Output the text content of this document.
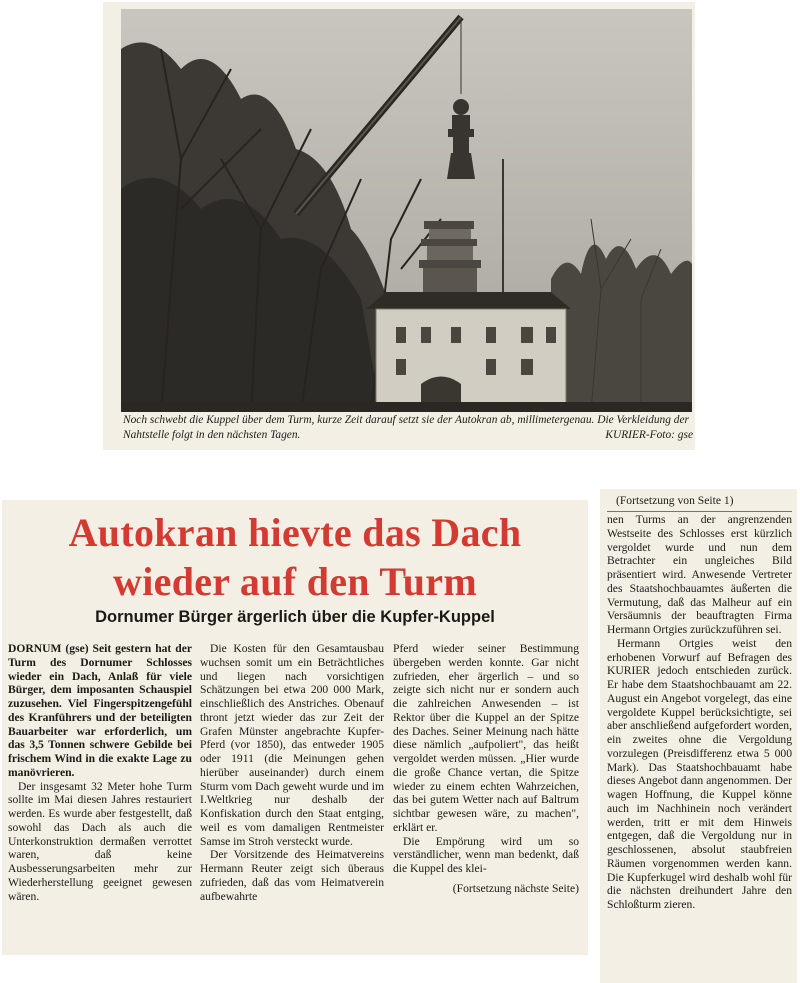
Noch schwebt die Kuppel über dem Turm, kurze Zeit darauf setzt sie der Autokran ab, millimetergenau. Die Verkleidung der Nahtstelle folgt in den nächsten Tagen.	KURIER-Foto: gse
Autokran hievte das Dach
wieder auf den Turm
Dornumer Bürger ärgerlich über die Kupfer-Kuppel

DORNUM (gse) Seit gestern hat der Turm des Dornumer Schlosses wieder ein Dach, Anlaß für viele Bürger, dem imposanten Schauspiel zuzusehen. Viel Fingerspitzengefühl des Kranführers und der beteiligten Bauarbeiter war erforderlich, um das 3,5 Tonnen schwere Gebilde bei frischem Wind in die exakte Lage zu manövrieren.

Der insgesamt 32 Meter hohe Turm sollte im Mai diesen Jahres restauriert werden. Es wurde aber festgestellt, daß sowohl das Dach als auch die Unterkonstruktion dermaßen verrottet waren, daß keine Ausbesserungsarbeiten mehr zur Wiederherstellung geeignet gewesen wären.

Die Kosten für den Gesamtausbau wuchsen somit um ein Beträchtliches und liegen nach vorsichtigen Schätzungen bei etwa 200 000 Mark, einschließlich des Anstriches. Obenauf thront jetzt wieder das zur Zeit der Grafen Münster angebrachte Kupfer-Pferd (vor 1850), das entweder 1905 oder 1911 (die Meinungen gehen hierüber auseinander) durch einem Sturm vom Dach geweht wurde und im I.Weltkrieg nur deshalb der Konfiskation durch den Staat entging, weil es vom damaligen Rentmeister Samse im Stroh versteckt wurde.

Der Vorsitzende des Heimatvereins Hermann Reuter zeigt sich überaus zufrieden, daß das vom Heimatverein aufbewahrte

Pferd wieder seiner Bestimmung übergeben werden konnte. Gar nicht zufrieden, eher ärgerlich – und so zeigte sich nicht nur er sondern auch die zahlreichen Anwesenden – ist Rektor über die Kuppel an der Spitze des Daches. Seiner Meinung nach hätte diese nämlich „aufpoliert", das heißt vergoldet werden müssen. „Hier wurde die große Chance vertan, die Spitze wieder zu einem echten Wahrzeichen, das bei gutem Wetter nach auf Baltrum sichtbar gewesen wäre, zu machen", erklärt er.

Die Empörung wird um so verständlicher, wenn man bedenkt, daß die Kuppel des klei-

(Fortsetzung nächste Seite)

(Fortsetzung von Seite 1)

nen Turms an der angrenzenden Westseite des Schlosses erst kürzlich vergoldet wurde und nun dem Betrachter ein ungleiches Bild präsentiert wird. Anwesende Vertreter des Staatshochbauamtes äußerten die Vermutung, daß das Malheur auf ein Versäumnis der beauftragten Firma Hermann Ortgies zurückzuführen sei.

Hermann Ortgies weist den erhobenen Vorwurf auf Befragen des KURIER jedoch entschieden zurück. Er habe dem Staatshochbauamt am 22. August ein Angebot vorgelegt, das eine vergoldete Kuppel berücksichtigte, sei aber anschließend aufgefordert worden, ein zweites ohne die Vergoldung vorzulegen (Preisdifferenz etwa 5 000 Mark). Das Staatshochbauamt habe dieses Angebot dann angenommen. Der wagen Hoffnung, die Kuppel könne auch im Nachhinein noch verändert werden, tritt er mit dem Hinweis entgegen, daß die Vergoldung nur in geschlossenen, absolut staubfreien Räumen vorgenommen werden kann. Die Kupferkugel wird deshalb wohl für die nächsten dreihundert Jahre den Schloßturm zieren.
